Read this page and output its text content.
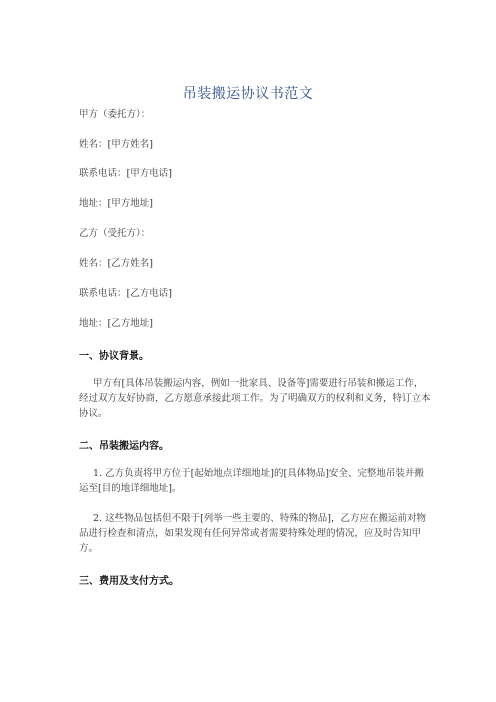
吊装搬运协议书范文
甲方（委托方）：
姓名：[甲方姓名]
联系电话：[甲方电话]
地址：[甲方地址]
乙方（受托方）：
姓名：[乙方姓名]
联系电话：[乙方电话]
地址：[乙方地址]
一、协议背景。
甲方有[具体吊装搬运内容，例如一批家具、设备等]需要进行吊装和搬运工作，
经过双方友好协商，乙方愿意承接此项工作。为了明确双方的权利和义务，特订立本
协议。
二、吊装搬运内容。
1. 乙方负责将甲方位于[起始地点详细地址]的[具体物品]安全、完整地吊装并搬
运至[目的地详细地址]。
2. 这些物品包括但不限于[列举一些主要的、特殊的物品]，乙方应在搬运前对物
品进行检查和清点，如果发现有任何异常或者需要特殊处理的情况，应及时告知甲
方。
三、费用及支付方式。
